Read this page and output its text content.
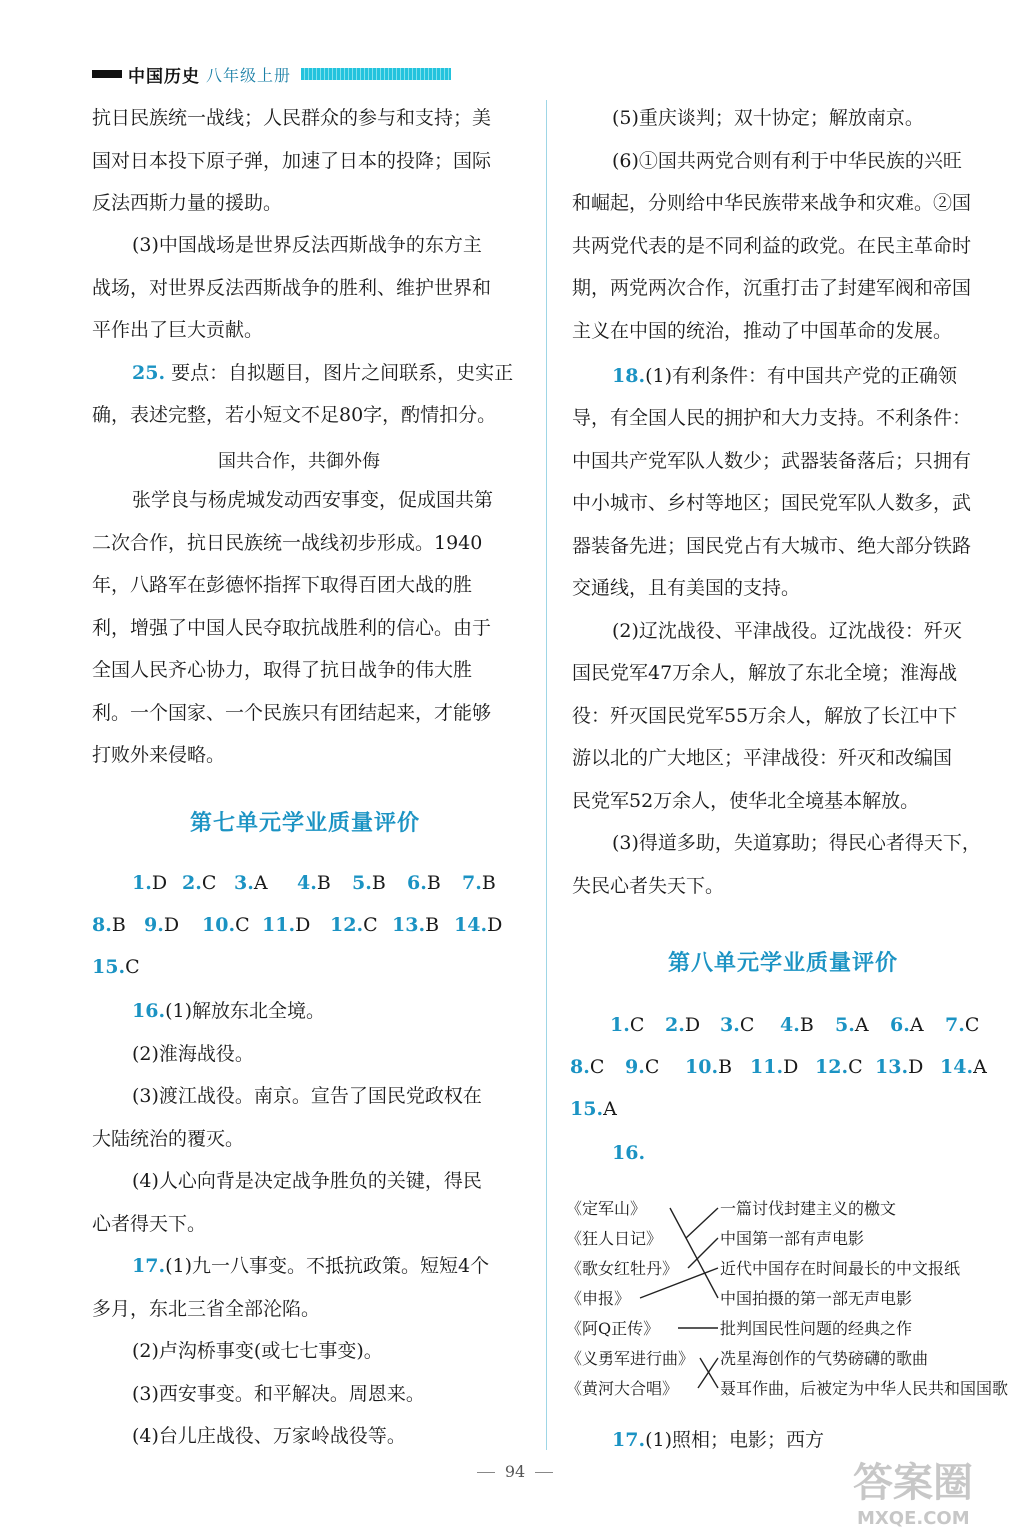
中国历史 八年级上册
抗日民族统一战线；人民群众的参与和支持；美
国对日本投下原子弹，加速了日本的投降；国际
反法西斯力量的援助。
(3)中国战场是世界反法西斯战争的东方主
战场，对世界反法西斯战争的胜利、维护世界和
平作出了巨大贡献。
25. 要点：自拟题目，图片之间联系，史实正
确，表述完整，若小短文不足80字，酌情扣分。
国共合作，共御外侮
张学良与杨虎城发动西安事变，促成国共第
二次合作，抗日民族统一战线初步形成。1940
年，八路军在彭德怀指挥下取得百团大战的胜
利，增强了中国人民夺取抗战胜利的信心。由于
全国人民齐心协力，取得了抗日战争的伟大胜
利。一个国家、一个民族只有团结起来，才能够
打败外来侵略。
第七单元学业质量评价
1.D 2.C 3.A 4.B 5.B 6.B 7.B
8.B 9.D 10.C 11.D 12.C 13.B 14.D
15.C
16.(1)解放东北全境。
(2)淮海战役。
(3)渡江战役。南京。宣告了国民党政权在
大陆统治的覆灭。
(4)人心向背是决定战争胜负的关键，得民
心者得天下。
17.(1)九一八事变。不抵抗政策。短短4个
多月，东北三省全部沦陷。
(2)卢沟桥事变(或七七事变)。
(3)西安事变。和平解决。周恩来。
(4)台儿庄战役、万家岭战役等。
(5)重庆谈判；双十协定；解放南京。
(6)①国共两党合则有利于中华民族的兴旺
和崛起，分则给中华民族带来战争和灾难。②国
共两党代表的是不同利益的政党。在民主革命时
期，两党两次合作，沉重打击了封建军阀和帝国
主义在中国的统治，推动了中国革命的发展。
18.(1)有利条件：有中国共产党的正确领
导，有全国人民的拥护和大力支持。不利条件：
中国共产党军队人数少；武器装备落后；只拥有
中小城市、乡村等地区；国民党军队人数多，武
器装备先进；国民党占有大城市、绝大部分铁路
交通线，且有美国的支持。
(2)辽沈战役、平津战役。辽沈战役：歼灭
国民党军47万余人，解放了东北全境；淮海战
役：歼灭国民党军55万余人，解放了长江中下
游以北的广大地区；平津战役：歼灭和改编国
民党军52万余人，使华北全境基本解放。
(3)得道多助，失道寡助；得民心者得天下，
失民心者失天下。
第八单元学业质量评价
1.C 2.D 3.C 4.B 5.A 6.A 7.C
8.C 9.C 10.B 11.D 12.C 13.D 14.A
15.A
16.
《定军山》
《狂人日记》
《歌女红牡丹》
《申报》
《阿Q正传》
《义勇军进行曲》
《黄河大合唱》
一篇讨伐封建主义的檄文
中国第一部有声电影
近代中国存在时间最长的中文报纸
中国拍摄的第一部无声电影
批判国民性问题的经典之作
冼星海创作的气势磅礴的歌曲
聂耳作曲，后被定为中华人民共和国国歌
17.(1)照相；电影；西方
94	答案圈
MXQE.COM
